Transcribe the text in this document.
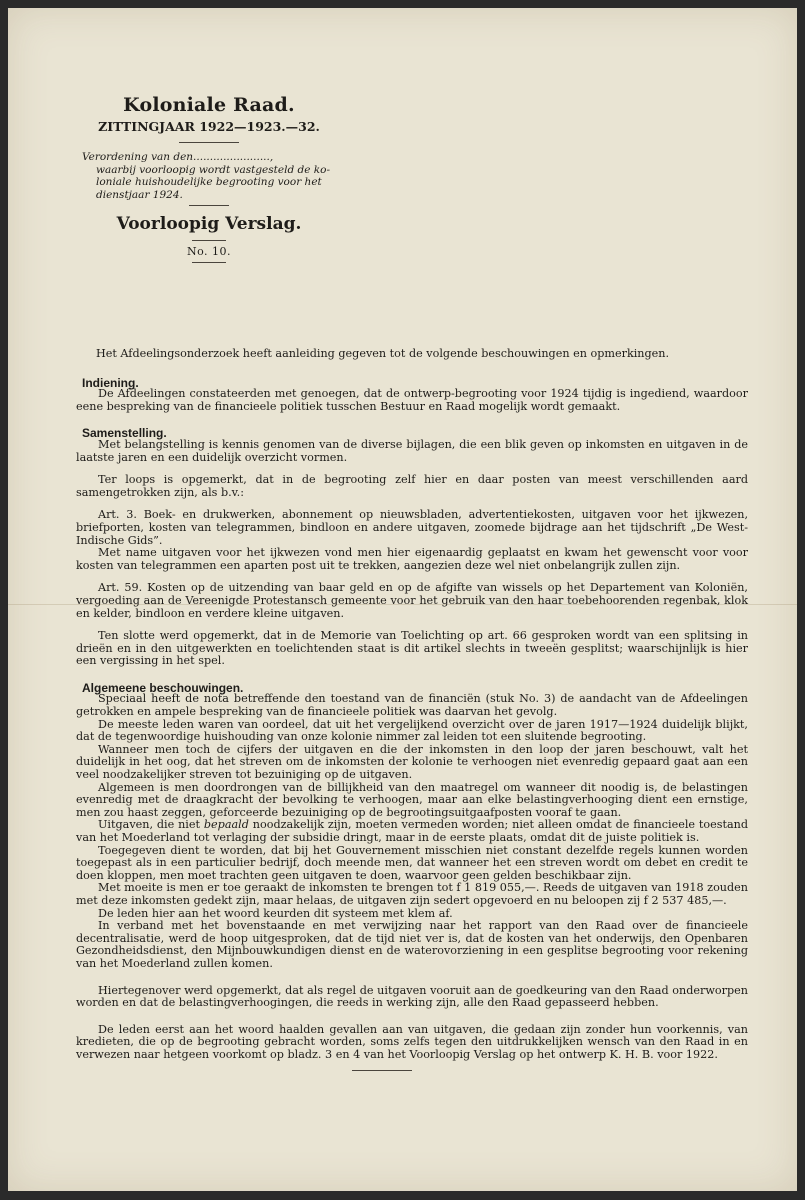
Koloniale Raad.

ZITTINGJAAR 1922—1923.—32.

Verordening van den.......................,
waarbij voorloopig wordt vastgesteld de ko-
loniale huishoudelijke begrooting voor het
dienstjaar 1924.

Voorloopig Verslag.

No. 10.

Het Afdeelingsonderzoek heeft aanleiding gegeven tot de volgende beschouwingen en opmerkingen.

Indiening.

De Afdeelingen constateerden met genoegen, dat de ontwerp-begrooting voor 1924 tijdig is ingediend, waardoor eene bespreking van de financieele politiek tusschen Bestuur en Raad mogelijk wordt gemaakt.

Samenstelling.

Met belangstelling is kennis genomen van de diverse bijlagen, die een blik geven op inkomsten en uitgaven in de laatste jaren en een duidelijk overzicht vormen.

Ter loops is opgemerkt, dat in de begrooting zelf hier en daar posten van meest verschillenden aard samengetrokken zijn, als b.v.:

Art. 3. Boek- en drukwerken, abonnement op nieuwsbladen, advertentiekosten, uitgaven voor het ijkwezen, briefporten, kosten van telegrammen, bindloon en andere uitgaven, zoomede bijdrage aan het tijdschrift „De West-Indische Gids”.

Met name uitgaven voor het ijkwezen vond men hier eigenaardig geplaatst en kwam het gewenscht voor voor kosten van telegrammen een aparten post uit te trekken, aangezien deze wel niet onbelangrijk zullen zijn.

Art. 59. Kosten op de uitzending van baar geld en op de afgifte van wissels op het Departement van Koloniën, vergoeding aan de Vereenigde Protestansch gemeente voor het gebruik van den haar toebehoorenden regenbak, klok en kelder, bindloon en verdere kleine uitgaven.

Ten slotte werd opgemerkt, dat in de Memorie van Toelichting op art. 66 gesproken wordt van een splitsing in drieën en in den uitgewerkten en toelichtenden staat is dit artikel slechts in tweeën gesplitst; waarschijnlijk is hier een vergissing in het spel.

Algemeene beschouwingen.

Speciaal heeft de nota betreffende den toestand van de financiën (stuk No. 3) de aandacht van de Afdeelingen getrokken en ampele bespreking van de financieele politiek was daarvan het gevolg.

De meeste leden waren van oordeel, dat uit het vergelijkend overzicht over de jaren 1917—1924 duidelijk blijkt, dat de tegenwoordige huishouding van onze kolonie nimmer zal leiden tot een sluitende begrooting.

Wanneer men toch de cijfers der uitgaven en die der inkomsten in den loop der jaren beschouwt, valt het duidelijk in het oog, dat het streven om de inkomsten der kolonie te verhoogen niet evenredig gepaard gaat aan een veel noodzakelijker streven tot bezuiniging op de uitgaven.

Algemeen is men doordrongen van de billijkheid van den maatregel om wanneer dit noodig is, de belastingen evenredig met de draagkracht der bevolking te verhoogen, maar aan elke belastingverhooging dient een ernstige, men zou haast zeggen, geforceerde bezuiniging op de begrootingsuitgaafposten vooraf te gaan.

Uitgaven, die niet bepaald noodzakelijk zijn, moeten vermeden worden; niet alleen omdat de financieele toestand van het Moederland tot verlaging der subsidie dringt, maar in de eerste plaats, omdat dit de juiste politiek is.

Toegegeven dient te worden, dat bij het Gouvernement misschien niet constant dezelfde regels kunnen worden toegepast als in een particulier bedrijf, doch meende men, dat wanneer het een streven wordt om debet en credit te doen kloppen, men moet trachten geen uitgaven te doen, waarvoor geen gelden beschikbaar zijn.

Met moeite is men er toe geraakt de inkomsten te brengen tot f 1 819 055,—. Reeds de uitgaven van 1918 zouden met deze inkomsten gedekt zijn, maar helaas, de uitgaven zijn sedert opgevoerd en nu beloopen zij f 2 537 485,—.

De leden hier aan het woord keurden dit systeem met klem af.

In verband met het bovenstaande en met verwijzing naar het rapport van den Raad over de financieele decentralisatie, werd de hoop uitgesproken, dat de tijd niet ver is, dat de kosten van het onderwijs, den Openbaren Gezondheidsdienst, den Mijnbouwkundigen dienst en de waterovorziening in een gesplitse begrooting voor rekening van het Moederland zullen komen.

Hiertegenover werd opgemerkt, dat als regel de uitgaven vooruit aan de goedkeuring van den Raad onderworpen worden en dat de belastingverhoogingen, die reeds in werking zijn, alle den Raad gepasseerd hebben.

De leden eerst aan het woord haalden gevallen aan van uitgaven, die gedaan zijn zonder hun voorkennis, van kredieten, die op de begrooting gebracht worden, soms zelfs tegen den uitdrukkelijken wensch van den Raad in en verwezen naar hetgeen voorkomt op bladz. 3 en 4 van het Voorloopig Verslag op het ontwerp K. H. B. voor 1922.
